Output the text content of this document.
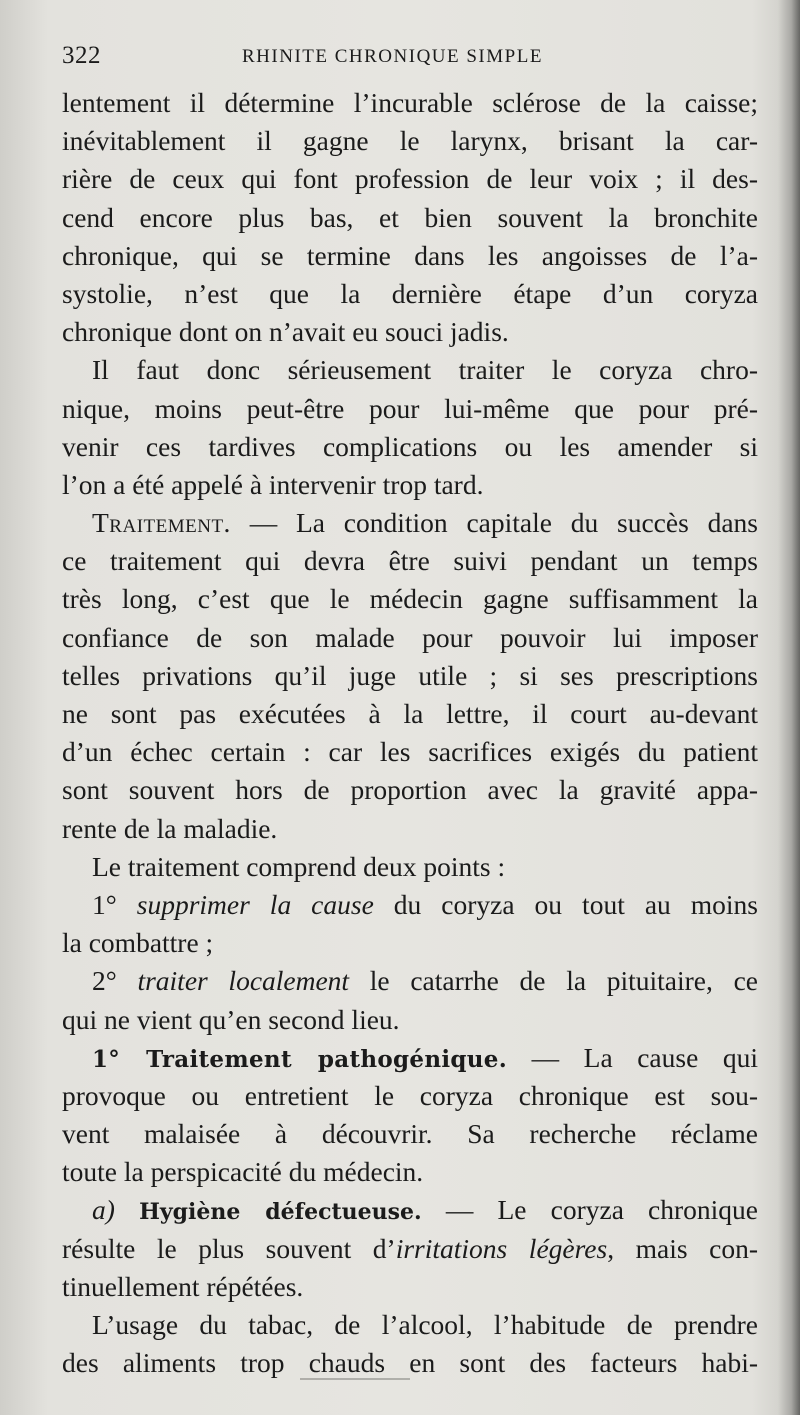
322	RHINITE CHRONIQUE SIMPLE
lentement il détermine l’incurable sclérose de la caisse;
inévitablement il gagne le larynx, brisant la car-
rière de ceux qui font profession de leur voix ; il des-
cend encore plus bas, et bien souvent la bronchite
chronique, qui se termine dans les angoisses de l’a-
systolie, n’est que la dernière étape d’un coryza
chronique dont on n’avait eu souci jadis.
Il faut donc sérieusement traiter le coryza chro-
nique, moins peut-être pour lui-même que pour pré-
venir ces tardives complications ou les amender si
l’on a été appelé à intervenir trop tard.
Traitement. — La condition capitale du succès dans
ce traitement qui devra être suivi pendant un temps
très long, c’est que le médecin gagne suffisamment la
confiance de son malade pour pouvoir lui imposer
telles privations qu’il juge utile ; si ses prescriptions
ne sont pas exécutées à la lettre, il court au-devant
d’un échec certain : car les sacrifices exigés du patient
sont souvent hors de proportion avec la gravité appa-
rente de la maladie.
Le traitement comprend deux points :
1° supprimer la cause du coryza ou tout au moins
la combattre ;
2° traiter localement le catarrhe de la pituitaire, ce
qui ne vient qu’en second lieu.
1° Traitement pathogénique. — La cause qui
provoque ou entretient le coryza chronique est sou-
vent malaisée à découvrir. Sa recherche réclame
toute la perspicacité du médecin.
a) Hygiène défectueuse. — Le coryza chronique
résulte le plus souvent d’irritations légères, mais con-
tinuellement répétées.
L’usage du tabac, de l’alcool, l’habitude de prendre
des aliments trop chauds en sont des facteurs habi-
